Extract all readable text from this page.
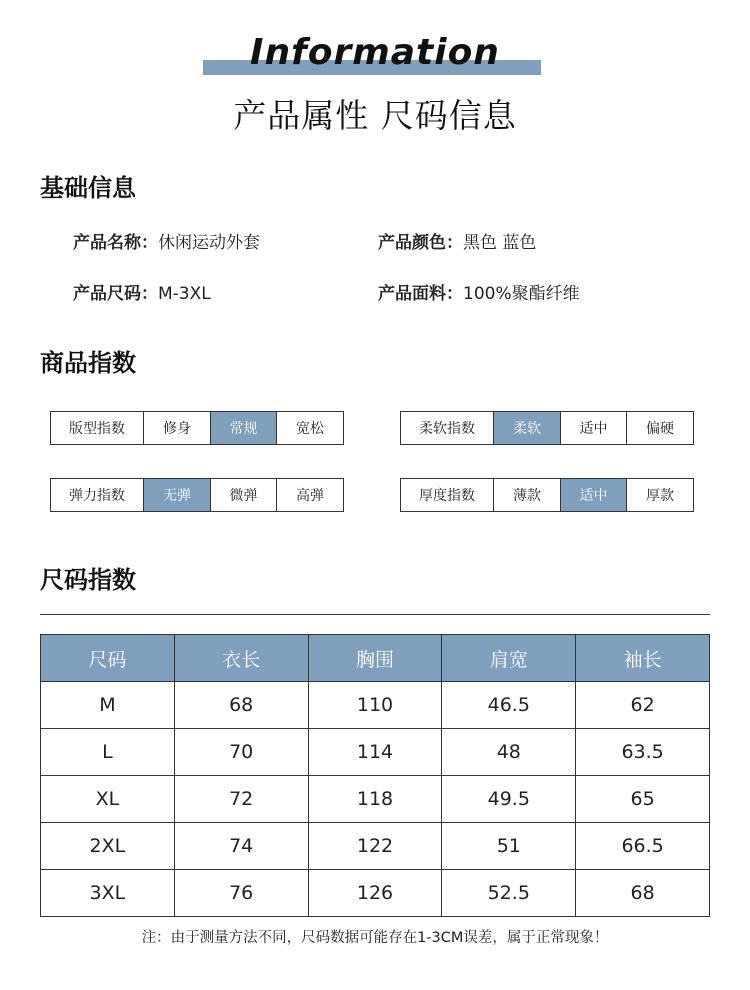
Information
产品属性 尺码信息
基础信息
产品名称：休闲运动外套	产品颜色：黑色 蓝色
产品尺码：M-3XL	产品面料：100%聚酯纤维
商品指数
版型指数	修身	常规	宽松	柔软指数	柔软	适中	偏硬
弹力指数	无弹	微弹	高弹	厚度指数	薄款	适中	厚款
尺码指数
尺码	衣长	胸围	肩宽	袖长
M	68	110	46.5	62
L	70	114	48	63.5
XL	72	118	49.5	65
2XL	74	122	51	66.5
3XL	76	126	52.5	68
注：由于测量方法不同，尺码数据可能存在1-3CM误差，属于正常现象！
